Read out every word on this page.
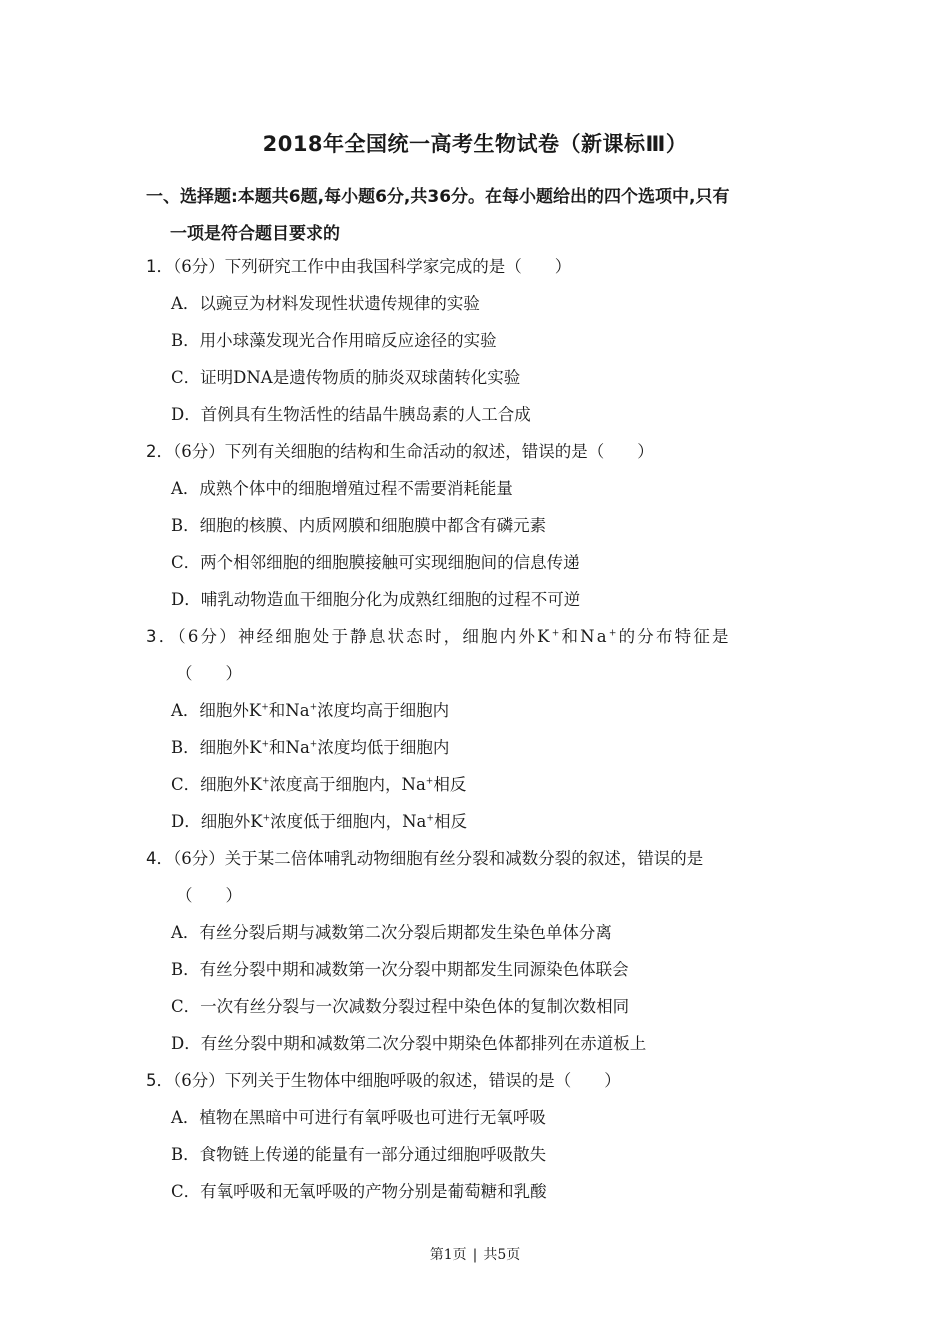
2018年全国统一高考生物试卷（新课标Ⅲ）
一、选择题:本题共6题,每小题6分,共36分。在每小题给出的四个选项中,只有
一项是符合题目要求的
1．（6分）下列研究工作中由我国科学家完成的是（　　）
A．以豌豆为材料发现性状遗传规律的实验
B．用小球藻发现光合作用暗反应途径的实验
C．证明DNA是遗传物质的肺炎双球菌转化实验
D．首例具有生物活性的结晶牛胰岛素的人工合成
2．（6分）下列有关细胞的结构和生命活动的叙述，错误的是（　　）
A．成熟个体中的细胞增殖过程不需要消耗能量
B．细胞的核膜、内质网膜和细胞膜中都含有磷元素
C．两个相邻细胞的细胞膜接触可实现细胞间的信息传递
D．哺乳动物造血干细胞分化为成熟红细胞的过程不可逆
3．（6分）神经细胞处于静息状态时，细胞内外K+和Na+的分布特征是
（　　）
A．细胞外K+和Na+浓度均高于细胞内
B．细胞外K+和Na+浓度均低于细胞内
C．细胞外K+浓度高于细胞内，Na+相反
D．细胞外K+浓度低于细胞内，Na+相反
4．（6分）关于某二倍体哺乳动物细胞有丝分裂和减数分裂的叙述，错误的是
（　　）
A．有丝分裂后期与减数第二次分裂后期都发生染色单体分离
B．有丝分裂中期和减数第一次分裂中期都发生同源染色体联会
C．一次有丝分裂与一次减数分裂过程中染色体的复制次数相同
D．有丝分裂中期和减数第二次分裂中期染色体都排列在赤道板上
5．（6分）下列关于生物体中细胞呼吸的叙述，错误的是（　　）
A．植物在黑暗中可进行有氧呼吸也可进行无氧呼吸
B．食物链上传递的能量有一部分通过细胞呼吸散失
C．有氧呼吸和无氧呼吸的产物分别是葡萄糖和乳酸
第1页 | 共5页
